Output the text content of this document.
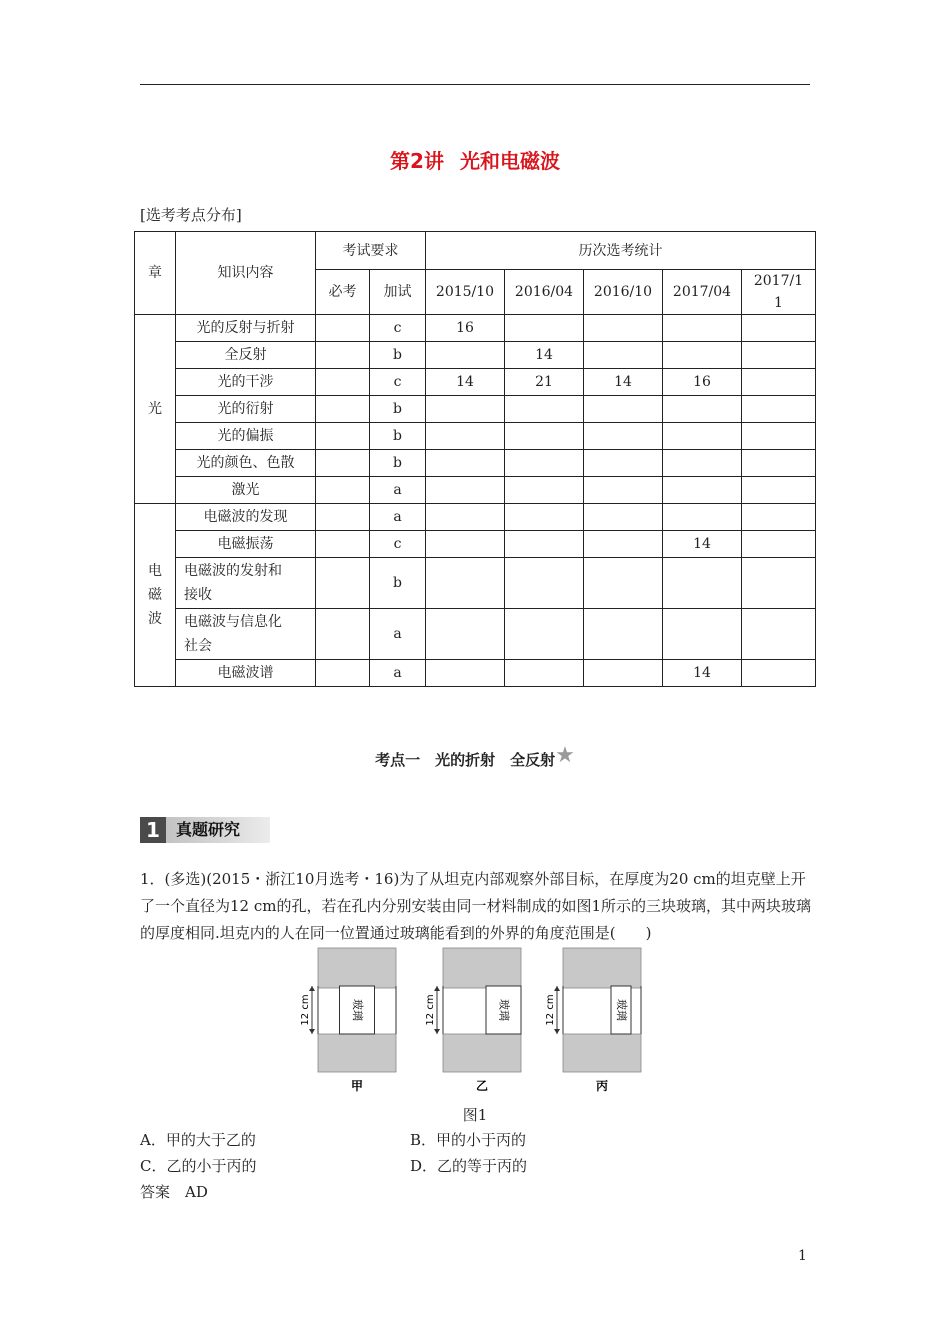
第2讲 光和电磁波
[选考考点分布]
章	知识内容	考试要求		历次选考统计				
		必考	加试	2015/10	2016/04	2016/10	2017/04	2017/1
1
光	光的反射与折射		c	16				
	全反射		b		14			
	光的干涉		c	14	21	14	16	
	光的衍射		b					
	光的偏振		b					
	光的颜色、色散		b					
	激光		a					
电
磁
波	电磁波的发现		a					
	电磁振荡		c				14	
	电磁波的发射和
接收		b					
	电磁波与信息化
社会		a					
	电磁波谱		a				14	
考点一　光的折射　全反射★
1	真题研究
1．(多选)(2015・浙江10月选考・16)为了从坦克内部观察外部目标，在厚度为20 cm的坦克壁上开了一个直径为12 cm的孔，若在孔内分别安装由同一材料制成的如图1所示的三块玻璃，其中两块玻璃的厚度相同.坦克内的人在同一位置通过玻璃能看到的外界的角度范围是(　　)
玻璃
12 cm
甲
玻璃
12 cm
乙
玻璃
12 cm
丙
图1
A．甲的大于乙的	B．甲的小于丙的
C．乙的小于丙的	D．乙的等于丙的
答案　AD
1
